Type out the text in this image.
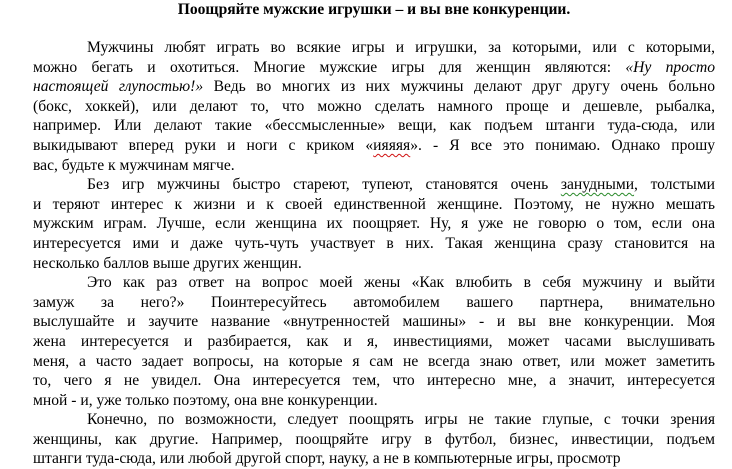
Поощряйте мужские игрушки – и вы вне конкуренции.
Мужчины любят играть во всякие игры и игрушки, за которыми, или с которыми,
можно бегать и охотиться. Многие мужские игры для женщин являются: «Ну просто
настоящей глупостью!» Ведь во многих из них мужчины делают друг другу очень больно
(бокс, хоккей), или делают то, что можно сделать намного проще и дешевле, рыбалка,
например. Или делают такие «бессмысленные» вещи, как подъем штанги туда-сюда, или
выкидывают вперед руки и ноги с криком «ияяяя». - Я все это понимаю. Однако прошу
вас, будьте к мужчинам мягче.
Без игр мужчины быстро стареют, тупеют, становятся очень занудными, толстыми
и теряют интерес к жизни и к своей единственной женщине. Поэтому, не нужно мешать
мужским играм. Лучше, если женщина их поощряет. Ну, я уже не говорю о том, если она
интересуется ими и даже чуть-чуть участвует в них. Такая женщина сразу становится на
несколько баллов выше других женщин.
Это как раз ответ на вопрос моей жены «Как влюбить в себя мужчину и выйти
замуж за него?» Поинтересуйтесь автомобилем вашего партнера, внимательно
выслушайте и заучите название «внутренностей машины» - и вы вне конкуренции. Моя
жена интересуется и разбирается, как и я, инвестициями, может часами выслушивать
меня, а часто задает вопросы, на которые я сам не всегда знаю ответ, или может заметить
то, чего я не увидел. Она интересуется тем, что интересно мне, а значит, интересуется
мной - и, уже только поэтому, она вне конкуренции.
Конечно, по возможности, следует поощрять игры не такие глупые, с точки зрения
женщины, как другие. Например, поощряйте игру в футбол, бизнес, инвестиции, подъем
штанги туда-сюда, или любой другой спорт, науку, а не в компьютерные игры, просмотр
